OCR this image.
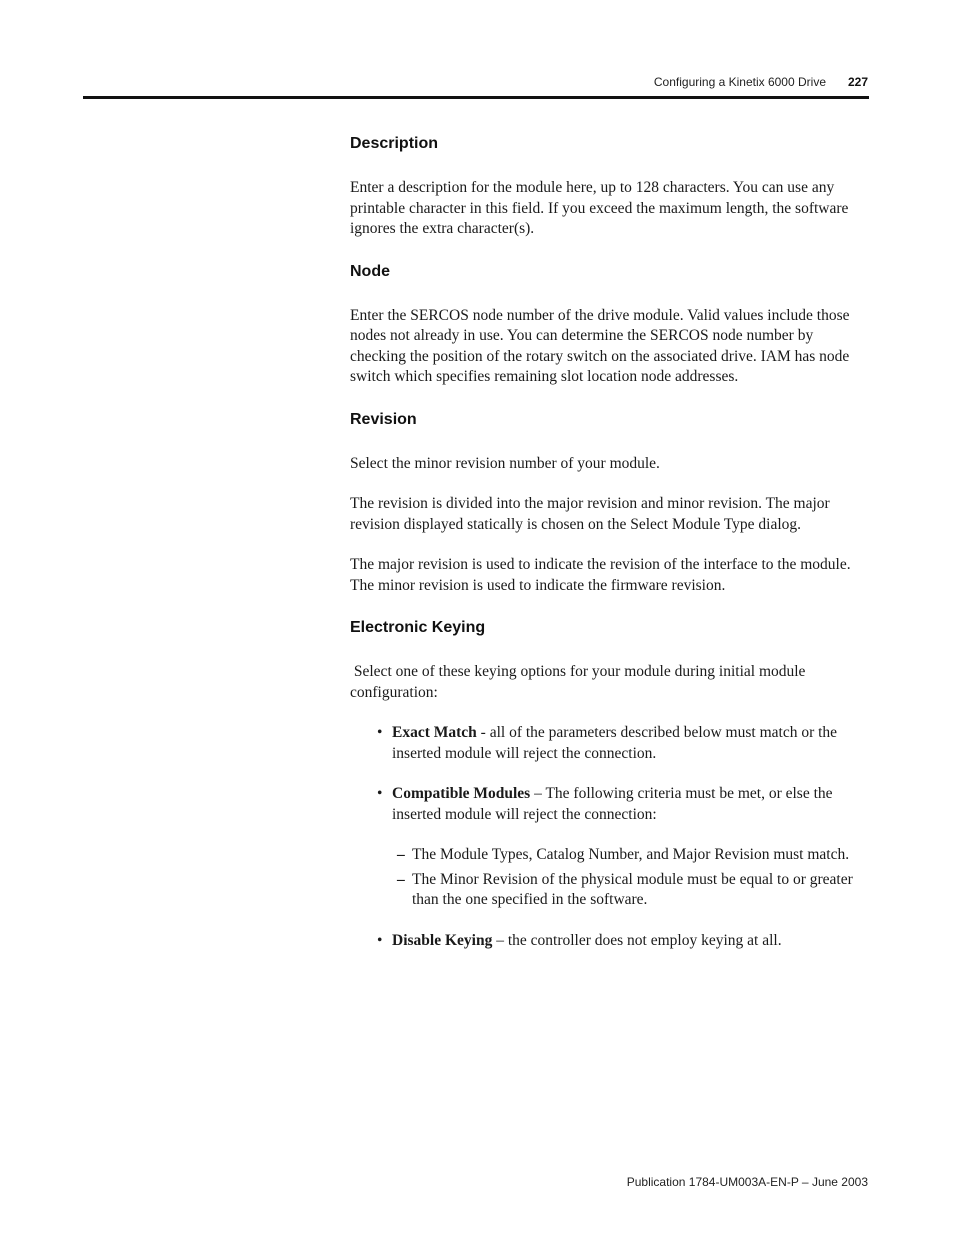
Configuring a Kinetix 6000 Drive 227
Description

Enter a description for the module here, up to 128 characters. You can use any printable character in this field. If you exceed the maximum length, the software ignores the extra character(s).

Node

Enter the SERCOS node number of the drive module. Valid values include those nodes not already in use. You can determine the SERCOS node number by checking the position of the rotary switch on the associated drive. IAM has node switch which specifies remaining slot location node addresses.

Revision

Select the minor revision number of your module.

The revision is divided into the major revision and minor revision. The major revision displayed statically is chosen on the Select Module Type dialog.

The major revision is used to indicate the revision of the interface to the module. The minor revision is used to indicate the firmware revision.

Electronic Keying

Select one of these keying options for your module during initial module configuration:

• Exact Match - all of the parameters described below must match or the inserted module will reject the connection.
• Compatible Modules – The following criteria must be met, or else the inserted module will reject the connection:
– The Module Types, Catalog Number, and Major Revision must match.
– The Minor Revision of the physical module must be equal to or greater than the one specified in the software.
• Disable Keying – the controller does not employ keying at all.
Publication 1784-UM003A-EN-P – June 2003
